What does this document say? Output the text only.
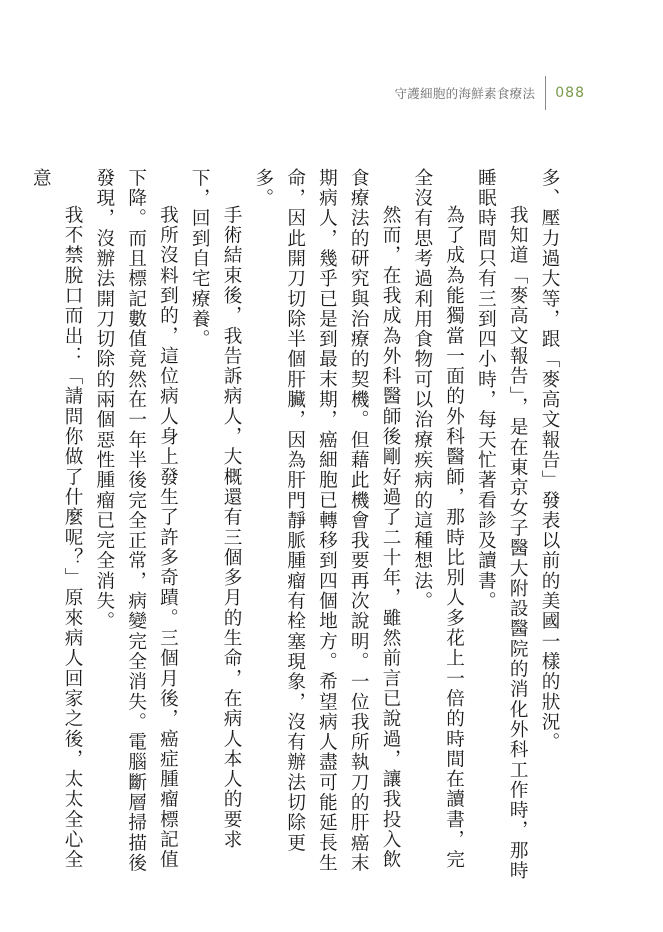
守護細胞的海鮮素食療法	088

多、壓力過大等，跟「麥高文報告」發表以前的美國一樣的狀況。

我知道「麥高文報告」，是在東京女子醫大附設醫院的消化外科工作時，那時睡眠時間只有三到四小時，每天忙著看診及讀書。

為了成為能獨當一面的外科醫師，那時比別人多花上一倍的時間在讀書，完全沒有思考過利用食物可以治療疾病的這種想法。

然而，在我成為外科醫師後剛好過了二十年，雖然前言已說過，讓我投入飲食療法的研究與治療的契機。但藉此機會我要再次說明。一位我所執刀的肝癌末期病人，幾乎已是到最末期，癌細胞已轉移到四個地方。希望病人盡可能延長生命，因此開刀切除半個肝臟，因為肝門靜脈腫瘤有栓塞現象，沒有辦法切除更多。

手術結束後，我告訴病人，大概還有三個多月的生命，在病人本人的要求下，回到自宅療養。

我所沒料到的，這位病人身上發生了許多奇蹟。三個月後，癌症腫瘤標記值下降。而且標記數值竟然在一年半後完全正常，病變完全消失。電腦斷層掃描後發現，沒辦法開刀切除的兩個惡性腫瘤已完全消失。

我不禁脫口而出：「請問你做了什麼呢？」原來病人回家之後，太太全心全意
